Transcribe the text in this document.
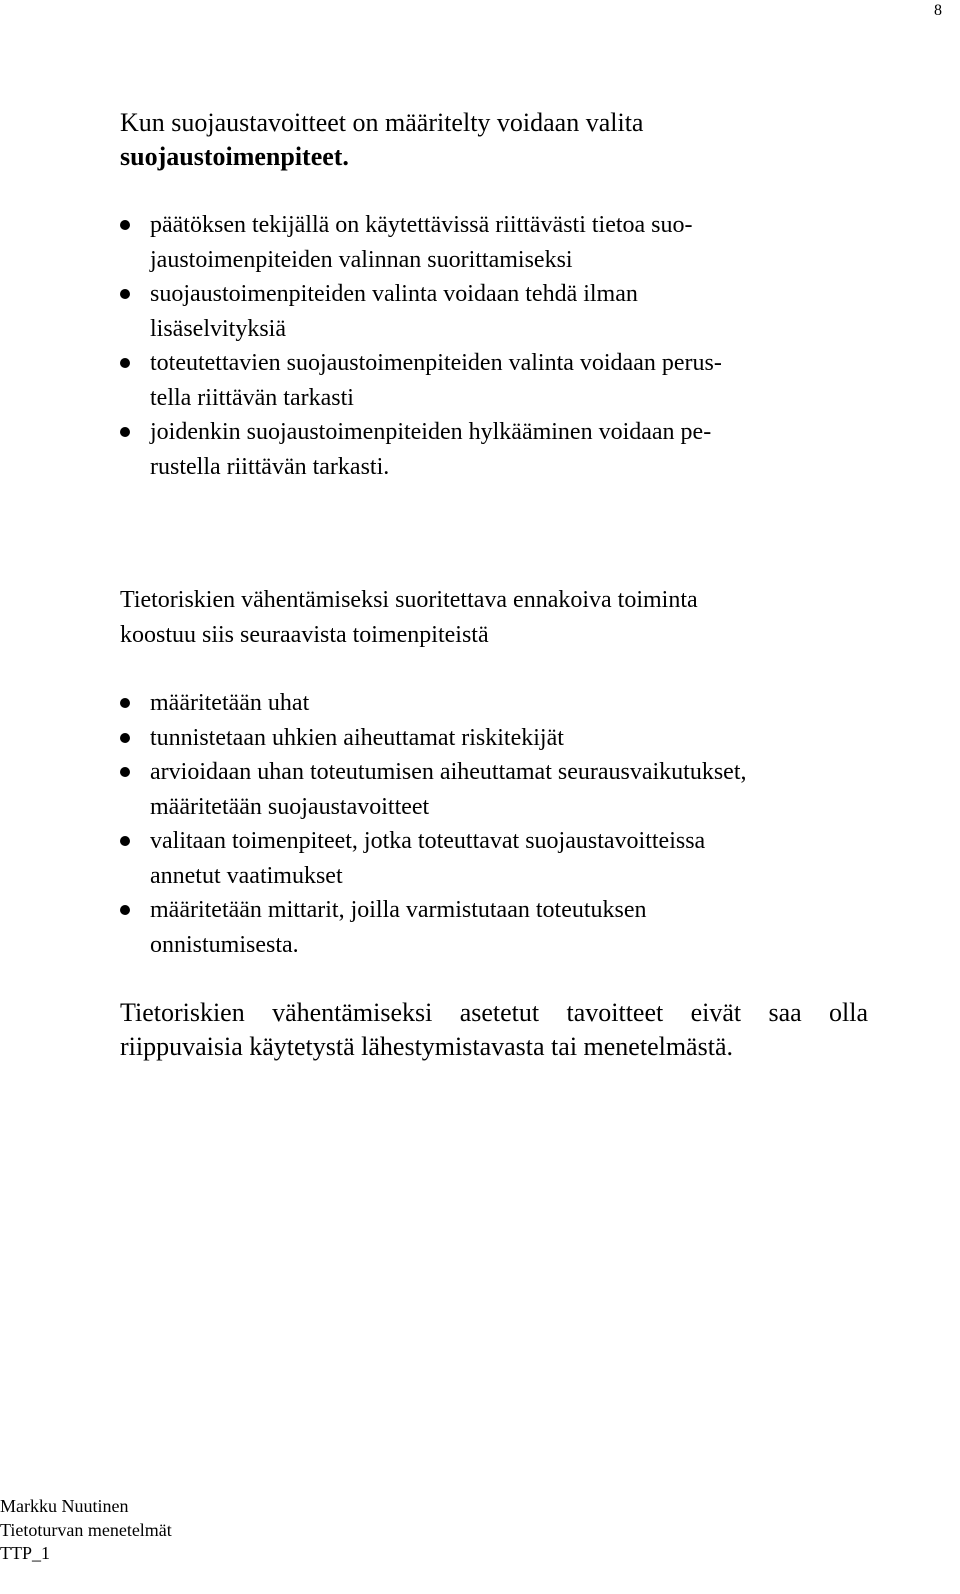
8

Kun suojaustavoitteet on määritelty voidaan valita
suojaustoimenpiteet.

päätöksen tekijällä on käytettävissä riittävästi tietoa suo-
jaustoimenpiteiden valinnan suorittamiseksi
suojaustoimenpiteiden valinta voidaan tehdä ilman
lisäselvityksiä
toteutettavien suojaustoimenpiteiden valinta voidaan perus-
tella riittävän tarkasti
joidenkin suojaustoimenpiteiden hylkääminen voidaan pe-
rustella riittävän tarkasti.

Tietoriskien vähentämiseksi suoritettava ennakoiva toiminta
koostuu siis seuraavista toimenpiteistä

määritetään uhat
tunnistetaan uhkien aiheuttamat riskitekijät
arvioidaan uhan toteutumisen aiheuttamat seurausvaikutukset,
määritetään suojaustavoitteet
valitaan toimenpiteet, jotka toteuttavat suojaustavoitteissa
annetut vaatimukset
määritetään mittarit, joilla varmistutaan toteutuksen
onnistumisesta.

Tietoriskien vähentämiseksi asetetut tavoitteet eivät saa olla riippuvaisia käytetystä lähestymistavasta tai menetelmästä.

Markku Nuutinen
Tietoturvan menetelmät
TTP_1
